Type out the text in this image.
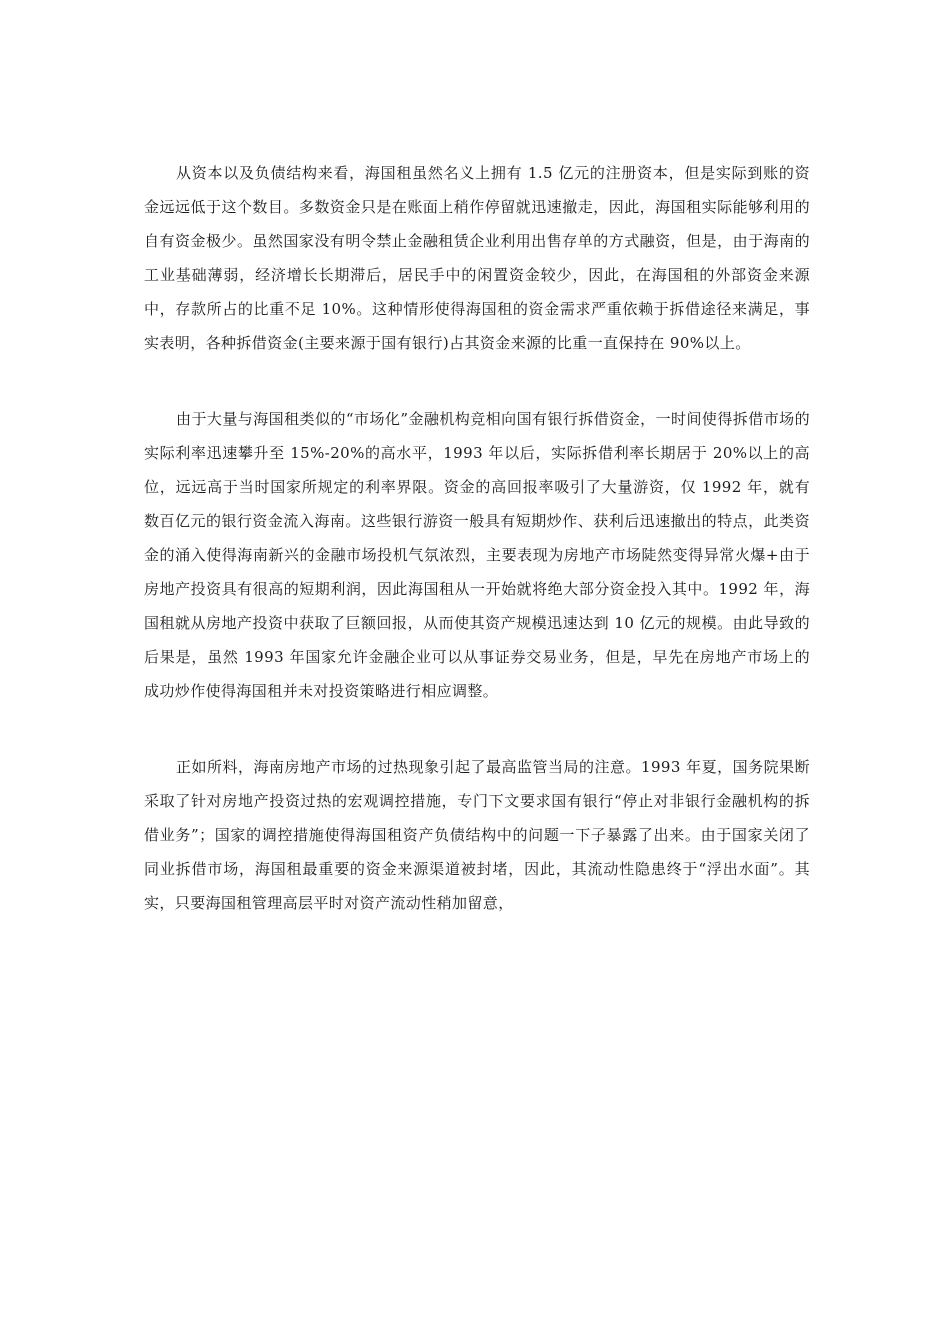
从资本以及负债结构来看，海国租虽然名义上拥有 1.5 亿元的注册资本，但是实际到账的资金远远低于这个数目。多数资金只是在账面上稍作停留就迅速撤走，因此，海国租实际能够利用的自有资金极少。虽然国家没有明令禁止金融租赁企业利用出售存单的方式融资，但是，由于海南的工业基础薄弱，经济增长长期滞后，居民手中的闲置资金较少，因此，在海国租的外部资金来源中，存款所占的比重不足 10%。这种情形使得海国租的资金需求严重依赖于拆借途径来满足，事实表明，各种拆借资金(主要来源于国有银行)占其资金来源的比重一直保持在 90%以上。

由于大量与海国租类似的“市场化”金融机构竞相向国有银行拆借资金，一时间使得拆借市场的实际利率迅速攀升至 15%-20%的高水平，1993 年以后，实际拆借利率长期居于 20%以上的高位，远远高于当时国家所规定的利率界限。资金的高回报率吸引了大量游资，仅 1992 年，就有数百亿元的银行资金流入海南。这些银行游资一般具有短期炒作、获利后迅速撤出的特点，此类资金的涌入使得海南新兴的金融市场投机气氛浓烈，主要表现为房地产市场陡然变得异常火爆+由于房地产投资具有很高的短期利润，因此海国租从一开始就将绝大部分资金投入其中。1992 年，海国租就从房地产投资中获取了巨额回报，从而使其资产规模迅速达到 10 亿元的规模。由此导致的后果是，虽然 1993 年国家允许金融企业可以从事证券交易业务，但是，早先在房地产市场上的成功炒作使得海国租并未对投资策略进行相应调整。

正如所料，海南房地产市场的过热现象引起了最高监管当局的注意。1993 年夏，国务院果断采取了针对房地产投资过热的宏观调控措施，专门下文要求国有银行“停止对非银行金融机构的拆借业务”；国家的调控措施使得海国租资产负债结构中的问题一下子暴露了出来。由于国家关闭了同业拆借市场，海国租最重要的资金来源渠道被封堵，因此，其流动性隐患终于“浮出水面”。其实，只要海国租管理高层平时对资产流动性稍加留意，
